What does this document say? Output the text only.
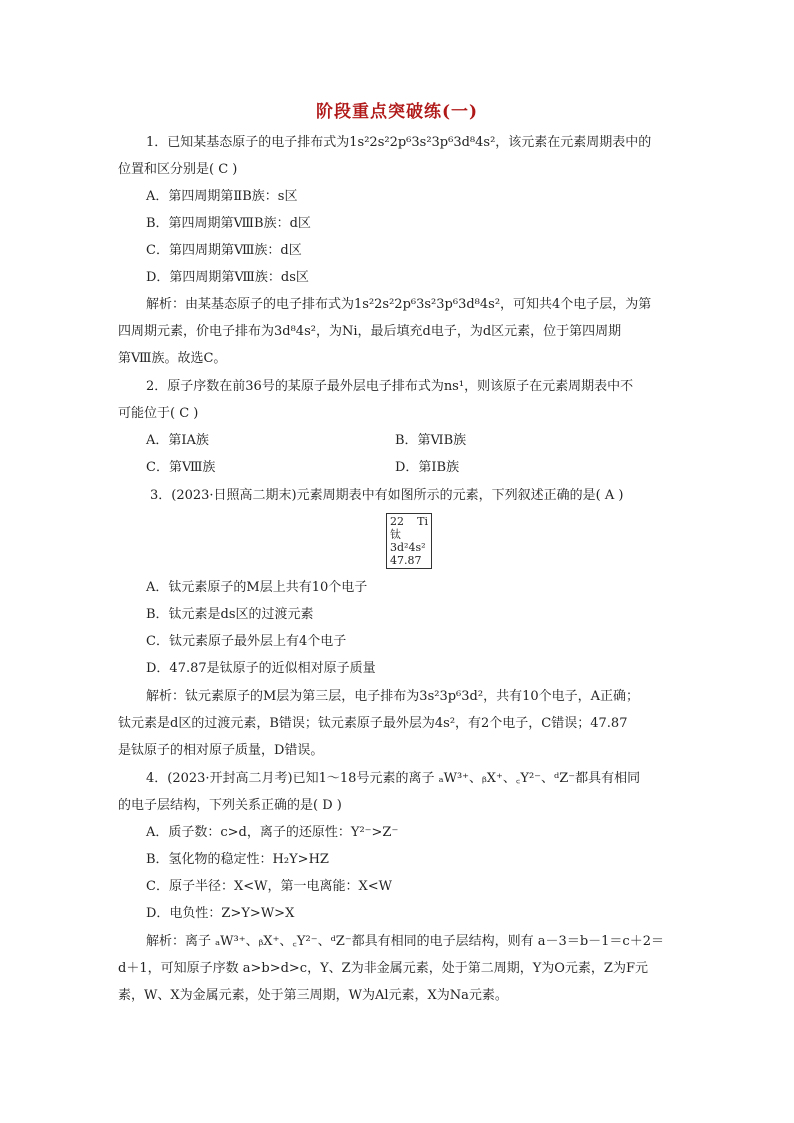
阶段重点突破练(一)
1．已知某基态原子的电子排布式为1s²2s²2p⁶3s²3p⁶3d⁸4s²，该元素在元素周期表中的
位置和区分别是( C )
A．第四周期第ⅡB族：s区
B．第四周期第ⅧB族：d区
C．第四周期第Ⅷ族：d区
D．第四周期第Ⅷ族：ds区
解析：由某基态原子的电子排布式为1s²2s²2p⁶3s²3p⁶3d⁸4s²，可知共4个电子层，为第
四周期元素，价电子排布为3d⁸4s²，为Ni，最后填充d电子，为d区元素，位于第四周期
第Ⅷ族。故选C。
2．原子序数在前36号的某原子最外层电子排布式为ns¹，则该原子在元素周期表中不
可能位于( C )
A．第ⅠA族	B．第ⅥB族
C．第Ⅷ族	D．第ⅠB族
3．(2023·日照高二期末)元素周期表中有如图所示的元素，下列叙述正确的是( A )
22 Ti
钛
3d²4s²
47.87
A．钛元素原子的M层上共有10个电子
B．钛元素是ds区的过渡元素
C．钛元素原子最外层上有4个电子
D．47.87是钛原子的近似相对原子质量
解析：钛元素原子的M层为第三层，电子排布为3s²3p⁶3d²，共有10个电子，A正确；
钛元素是d区的过渡元素，B错误；钛元素原子最外层为4s²，有2个电子，C错误；47.87
是钛原子的相对原子质量，D错误。
4．(2023·开封高二月考)已知1～18号元素的离子 ₐW³⁺、ᵦX⁺、꜀Y²⁻、ᵈZ⁻都具有相同
的电子层结构，下列关系正确的是( D )
A．质子数：c>d，离子的还原性：Y²⁻>Z⁻
B．氢化物的稳定性：H₂Y>HZ
C．原子半径：X<W，第一电离能：X<W
D．电负性：Z>Y>W>X
解析：离子 ₐW³⁺、ᵦX⁺、꜀Y²⁻、ᵈZ⁻都具有相同的电子层结构，则有 a－3＝b－1＝c＋2＝
d＋1，可知原子序数 a>b>d>c，Y、Z为非金属元素，处于第二周期，Y为O元素，Z为F元
素，W、X为金属元素，处于第三周期，W为Al元素，X为Na元素。
